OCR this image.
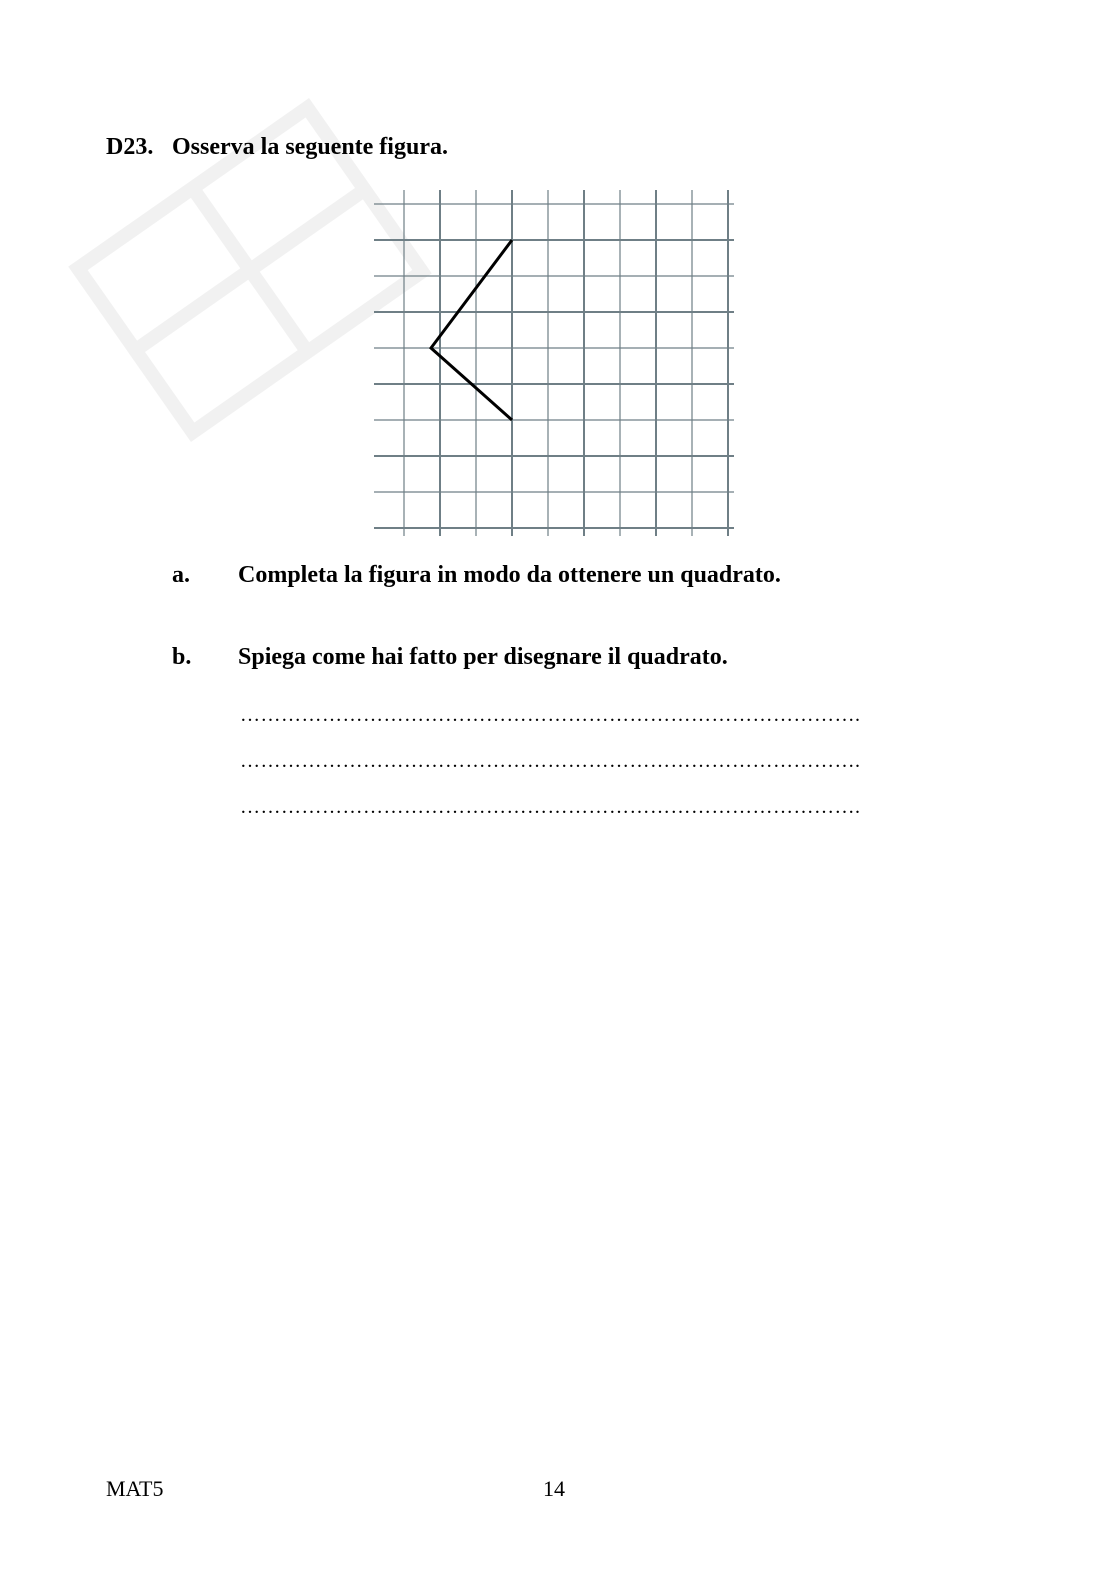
D23. Osserva la seguente figura.
a. Completa la figura in modo da ottenere un quadrato.
b. Spiega come hai fatto per disegnare il quadrato.
……………………………………………………………………………….
……………………………………………………………………………….
……………………………………………………………………………….
MAT5	14
